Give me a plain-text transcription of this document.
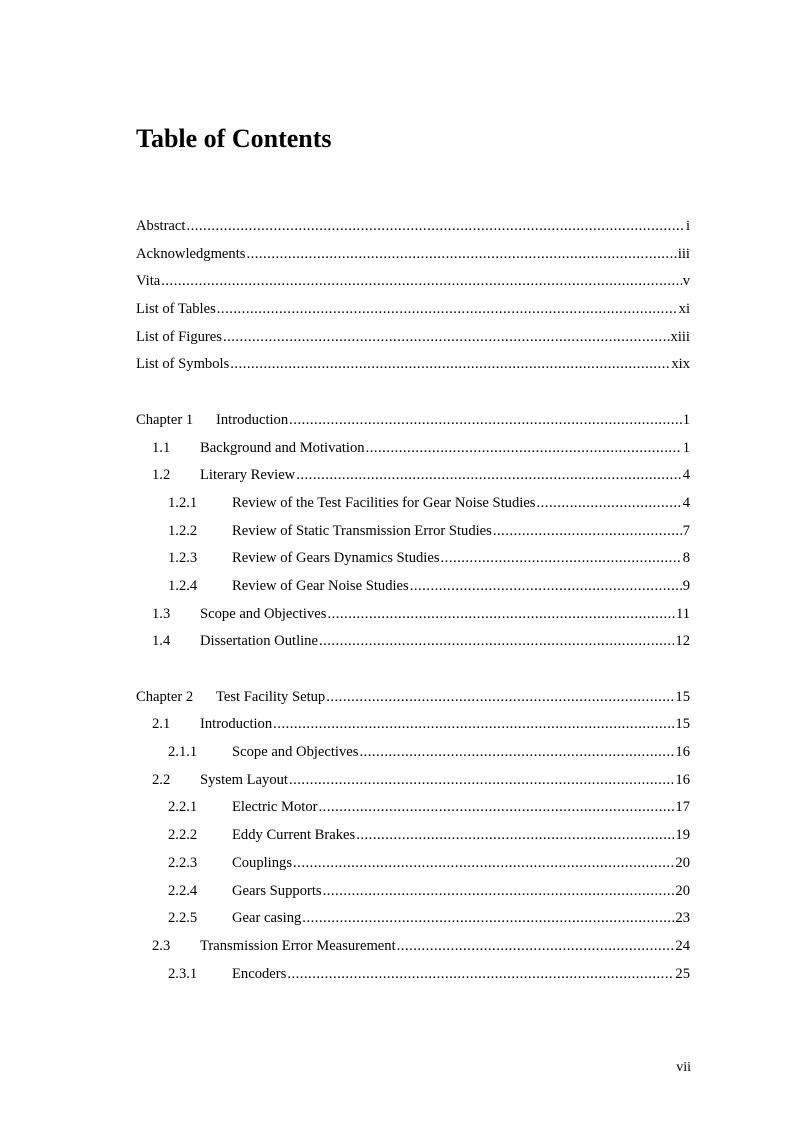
Table of Contents
Abstract .....	i
Acknowledgments .....	iii
Vita .....	v
List of Tables .....	xi
List of Figures .....	xiii
List of Symbols .....	xix
Chapter 1	Introduction .....	1
1.1	Background and Motivation .....	1
1.2	Literary Review .....	4
1.2.1	Review of the Test Facilities for Gear Noise Studies .....	4
1.2.2	Review of Static Transmission Error Studies .....	7
1.2.3	Review of Gears Dynamics Studies .....	8
1.2.4	Review of Gear Noise Studies .....	9
1.3	Scope and Objectives .....	11
1.4	Dissertation Outline .....	12
Chapter 2	Test Facility Setup .....	15
2.1	Introduction .....	15
2.1.1	Scope and Objectives .....	16
2.2	System Layout .....	16
2.2.1	Electric Motor .....	17
2.2.2	Eddy Current Brakes .....	19
2.2.3	Couplings .....	20
2.2.4	Gears Supports .....	20
2.2.5	Gear casing .....	23
2.3	Transmission Error Measurement .....	24
2.3.1	Encoders .....	25
vii
